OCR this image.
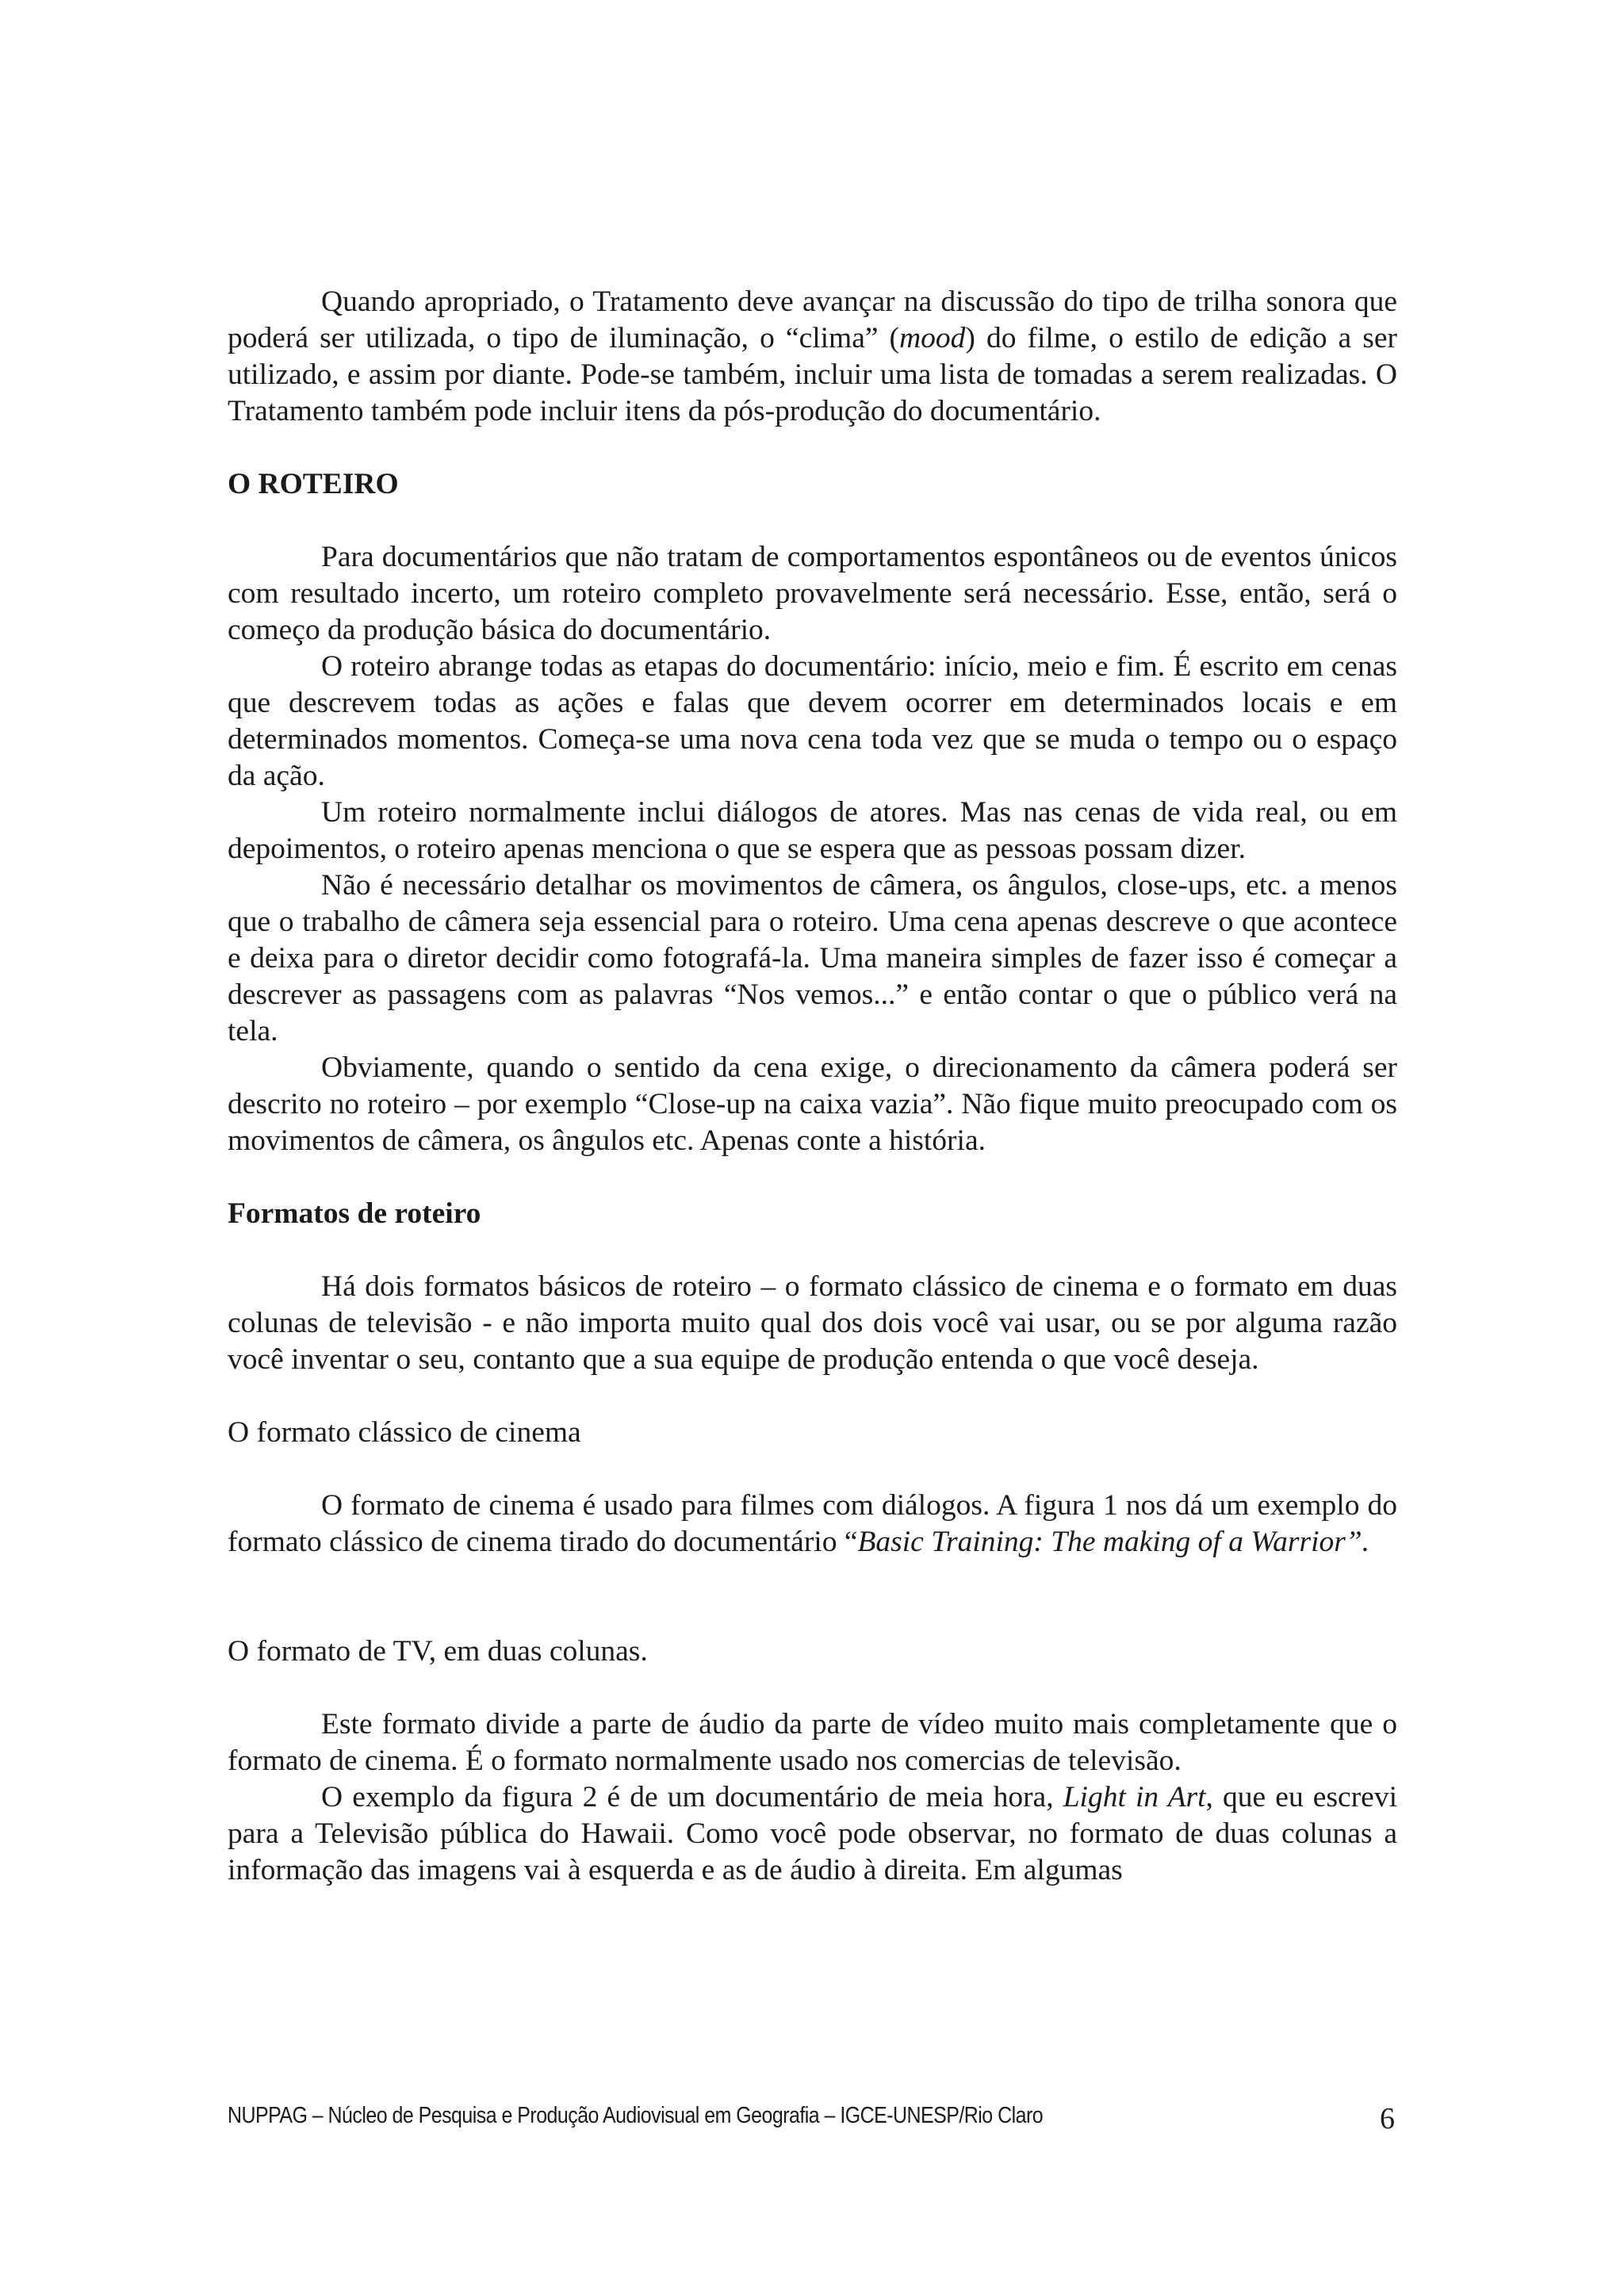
Quando apropriado, o Tratamento deve avançar na discussão do tipo de trilha sonora que poderá ser utilizada, o tipo de iluminação, o “clima” (mood) do filme, o estilo de edição a ser utilizado, e assim por diante. Pode-se também, incluir uma lista de tomadas a serem realizadas. O Tratamento também pode incluir itens da pós-produção do documentário.

O ROTEIRO

Para documentários que não tratam de comportamentos espontâneos ou de eventos únicos com resultado incerto, um roteiro completo provavelmente será necessário. Esse, então, será o começo da produção básica do documentário.

O roteiro abrange todas as etapas do documentário: início, meio e fim. É escrito em cenas que descrevem todas as ações e falas que devem ocorrer em determinados locais e em determinados momentos. Começa-se uma nova cena toda vez que se muda o tempo ou o espaço da ação.

Um roteiro normalmente inclui diálogos de atores. Mas nas cenas de vida real, ou em depoimentos, o roteiro apenas menciona o que se espera que as pessoas possam dizer.

Não é necessário detalhar os movimentos de câmera, os ângulos, close-ups, etc. a menos que o trabalho de câmera seja essencial para o roteiro. Uma cena apenas descreve o que acontece e deixa para o diretor decidir como fotografá-la. Uma maneira simples de fazer isso é começar a descrever as passagens com as palavras “Nos vemos...” e então contar o que o público verá na tela.

Obviamente, quando o sentido da cena exige, o direcionamento da câmera poderá ser descrito no roteiro – por exemplo “Close-up na caixa vazia”. Não fique muito preocupado com os movimentos de câmera, os ângulos etc. Apenas conte a história.

Formatos de roteiro

Há dois formatos básicos de roteiro – o formato clássico de cinema e o formato em duas colunas de televisão - e não importa muito qual dos dois você vai usar, ou se por alguma razão você inventar o seu, contanto que a sua equipe de produção entenda o que você deseja.

O formato clássico de cinema

O formato de cinema é usado para filmes com diálogos. A figura 1 nos dá um exemplo do formato clássico de cinema tirado do documentário “Basic Training: The making of a Warrior”.

O formato de TV, em duas colunas.

Este formato divide a parte de áudio da parte de vídeo muito mais completamente que o formato de cinema. É o formato normalmente usado nos comercias de televisão.

O exemplo da figura 2 é de um documentário de meia hora, Light in Art, que eu escrevi para a Televisão pública do Hawaii. Como você pode observar, no formato de duas colunas a informação das imagens vai à esquerda e as de áudio à direita. Em algumas

NUPPAG – Núcleo de Pesquisa e Produção Audiovisual em Geografia – IGCE-UNESP/Rio Claro	6
